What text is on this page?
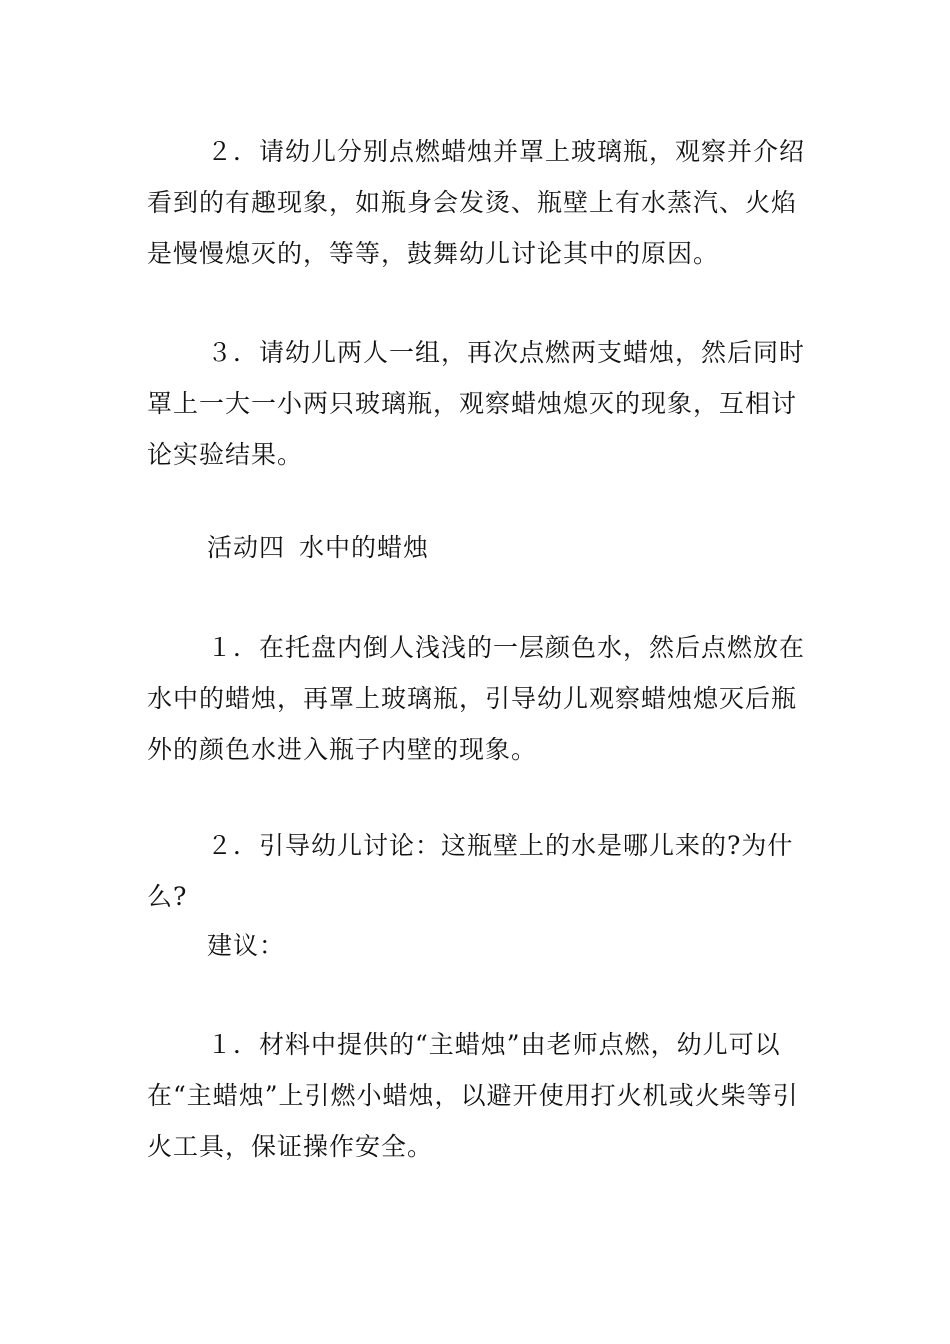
２．请幼儿分别点燃蜡烛并罩上玻璃瓶，观察并介绍看到的有趣现象，如瓶身会发烫、瓶壁上有水蒸汽、火焰是慢慢熄灭的，等等，鼓舞幼儿讨论其中的原因。

３．请幼儿两人一组，再次点燃两支蜡烛，然后同时罩上一大一小两只玻璃瓶，观察蜡烛熄灭的现象，互相讨论实验结果。

活动四 水中的蜡烛

１．在托盘内倒人浅浅的一层颜色水，然后点燃放在水中的蜡烛，再罩上玻璃瓶，引导幼儿观察蜡烛熄灭后瓶外的颜色水进入瓶子内壁的现象。

２．引导幼儿讨论：这瓶壁上的水是哪儿来的?为什么?

建议：

１．材料中提供的“主蜡烛”由老师点燃，幼儿可以在“主蜡烛”上引燃小蜡烛，以避开使用打火机或火柴等引火工具，保证操作安全。
